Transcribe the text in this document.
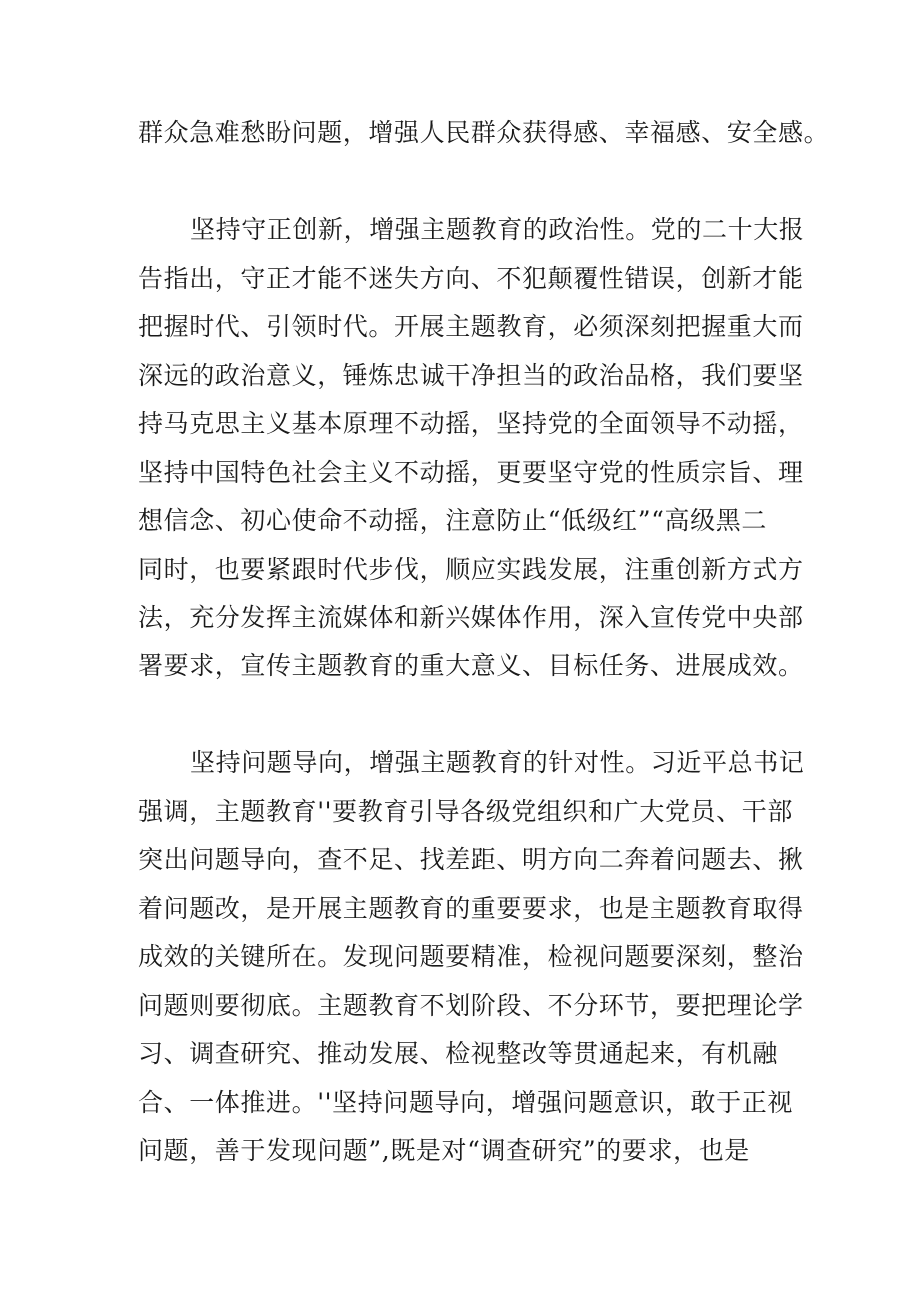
群众急难愁盼问题，增强人民群众获得感、幸福感、安全感。
坚持守正创新，增强主题教育的政治性。党的二十大报
告指出，守正才能不迷失方向、不犯颠覆性错误，创新才能
把握时代、引领时代。开展主题教育，必须深刻把握重大而
深远的政治意义，锤炼忠诚干净担当的政治品格，我们要坚
持马克思主义基本原理不动摇，坚持党的全面领导不动摇，
坚持中国特色社会主义不动摇，更要坚守党的性质宗旨、理
想信念、初心使命不动摇，注意防止“低级红”“高级黑二
同时，也要紧跟时代步伐，顺应实践发展，注重创新方式方
法，充分发挥主流媒体和新兴媒体作用，深入宣传党中央部
署要求，宣传主题教育的重大意义、目标任务、进展成效。
坚持问题导向，增强主题教育的针对性。习近平总书记
强调，主题教育''要教育引导各级党组织和广大党员、干部
突出问题导向，查不足、找差距、明方向二奔着问题去、揪
着问题改，是开展主题教育的重要要求，也是主题教育取得
成效的关键所在。发现问题要精准，检视问题要深刻，整治
问题则要彻底。主题教育不划阶段、不分环节，要把理论学
习、调查研究、推动发展、检视整改等贯通起来，有机融
合、一体推进。''坚持问题导向，增强问题意识，敢于正视
问题，善于发现问题”,既是对“调查研究”的要求，也是
